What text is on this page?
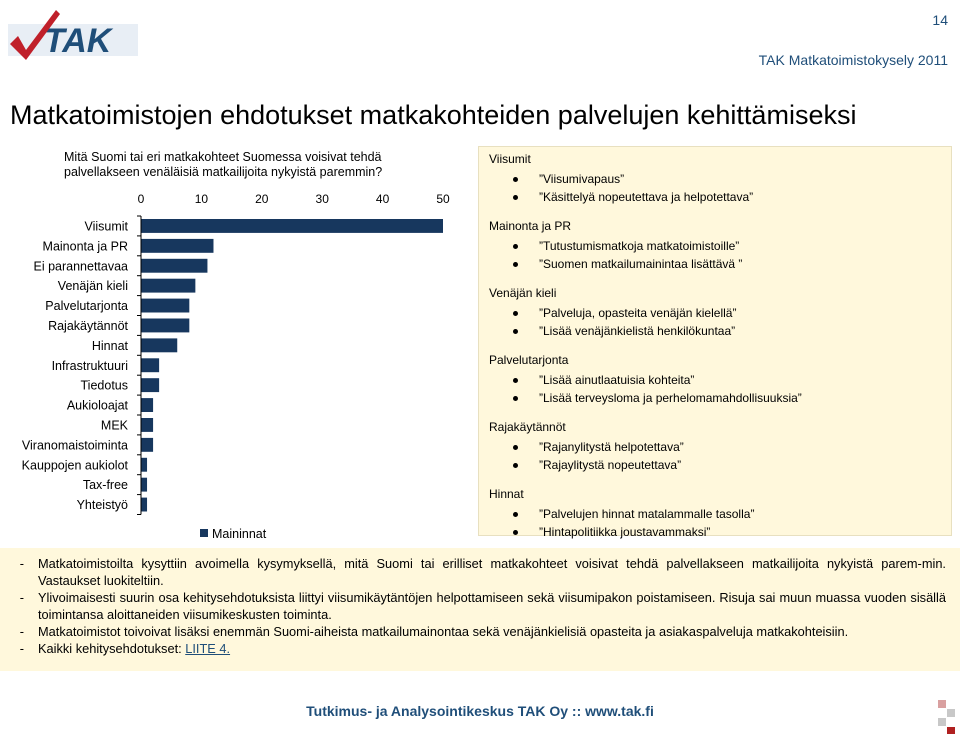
TAK
14
TAK Matkatoimistokysely 2011
Matkatoimistojen ehdotukset matkakohteiden palvelujen kehittämiseksi
Mitä Suomi tai eri matkakohteet Suomessa voisivat tehdä palvellakseen venäläisiä matkailijoita nykyistä paremmin?
0	10	20	30	40	50
Viisumit
Mainonta ja PR
Ei parannettavaa
Venäjän kieli
Palvelutarjonta
Rajakäytännöt
Hinnat
Infrastruktuuri
Tiedotus
Aukioloajat
MEK
Viranomaistoiminta
Kauppojen aukiolot
Tax-free
Yhteistyö
Maininnat
Viisumit
”Viisumivapaus”
”Käsittelyä nopeutettava ja helpotettava”
Mainonta ja PR
”Tutustumismatkoja matkatoimistoille”
”Suomen matkailumainintaa lisättävä ”
Venäjän kieli
”Palveluja, opasteita venäjän kielellä”
”Lisää venäjänkielistä henkilökuntaa”
Palvelutarjonta
”Lisää ainutlaatuisia kohteita”
”Lisää terveysloma ja perhelomamahdollisuuksia”
Rajakäytännöt
”Rajanylitystä helpotettava”
”Rajaylitystä nopeutettava”
Hinnat
”Palvelujen hinnat matalammalle tasolla”
”Hintapolitiikka joustavammaksi”
- Matkatoimistoilta kysyttiin avoimella kysymyksellä, mitä Suomi tai erilliset matkakohteet voisivat tehdä palvellakseen matkailijoita nykyistä parem-min. Vastaukset luokiteltiin.
- Ylivoimaisesti suurin osa kehitysehdotuksista liittyi viisumikäytäntöjen helpottamiseen sekä viisumipakon poistamiseen. Risuja sai muun muassa vuoden sisällä toimintansa aloittaneiden viisumikeskusten toiminta.
- Matkatoimistot toivoivat lisäksi enemmän Suomi-aiheista matkailumainontaa sekä venäjänkielisiä opasteita ja asiakaspalveluja matkakohteisiin.
- Kaikki kehitysehdotukset: LIITE 4.
Tutkimus- ja Analysointikeskus TAK Oy :: www.tak.fi
